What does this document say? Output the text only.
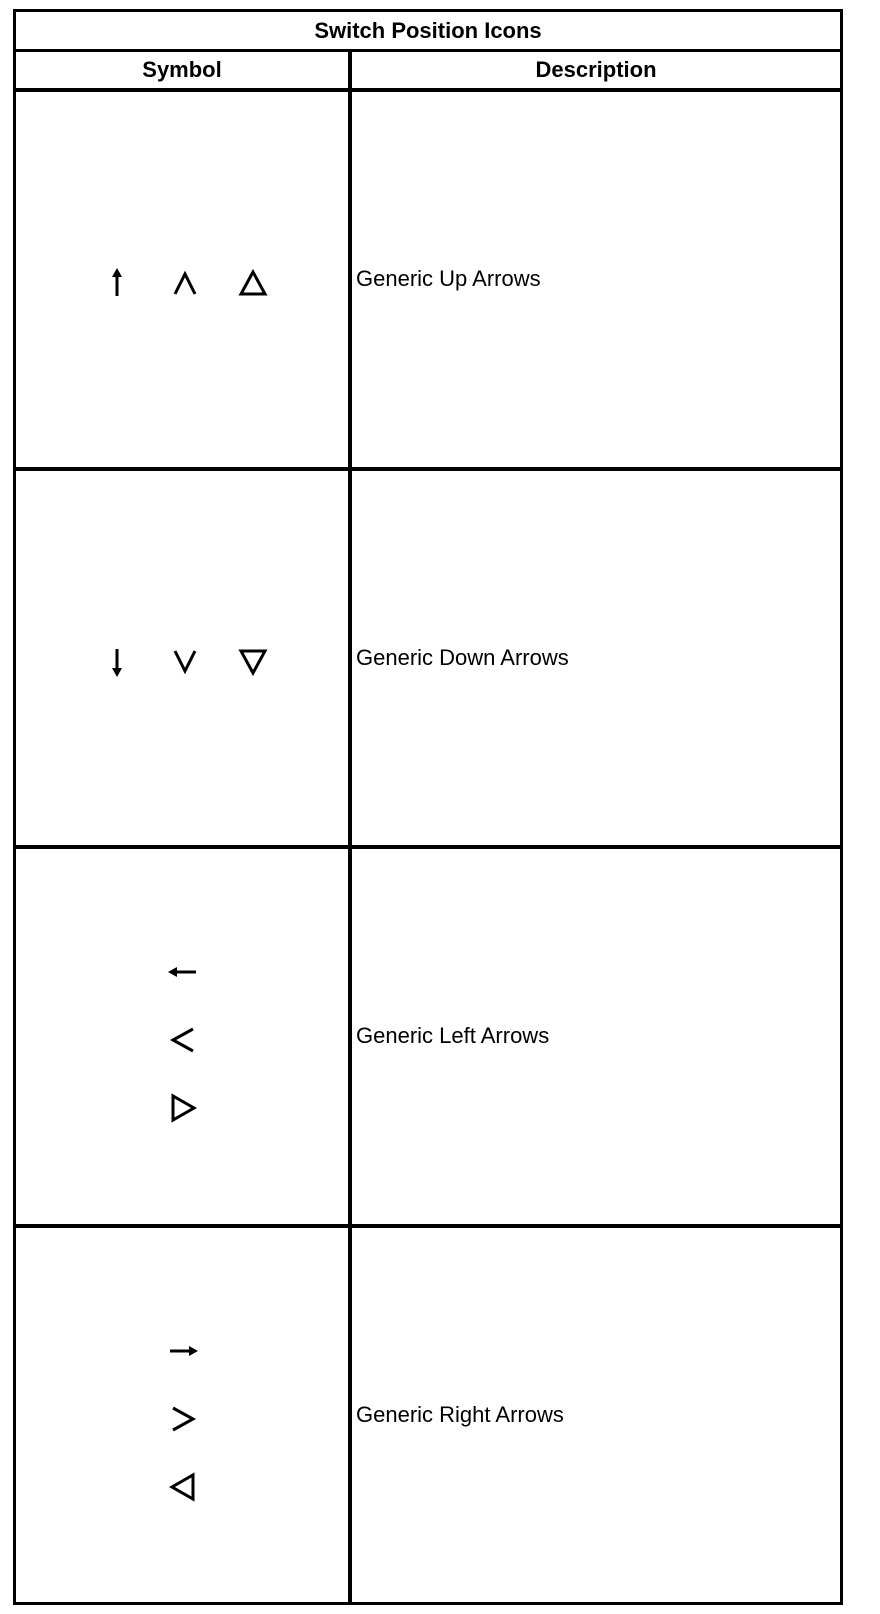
Switch Position Icons
Symbol	Description
Generic Up Arrows
Generic Down Arrows
Generic Left Arrows
Generic Right Arrows
